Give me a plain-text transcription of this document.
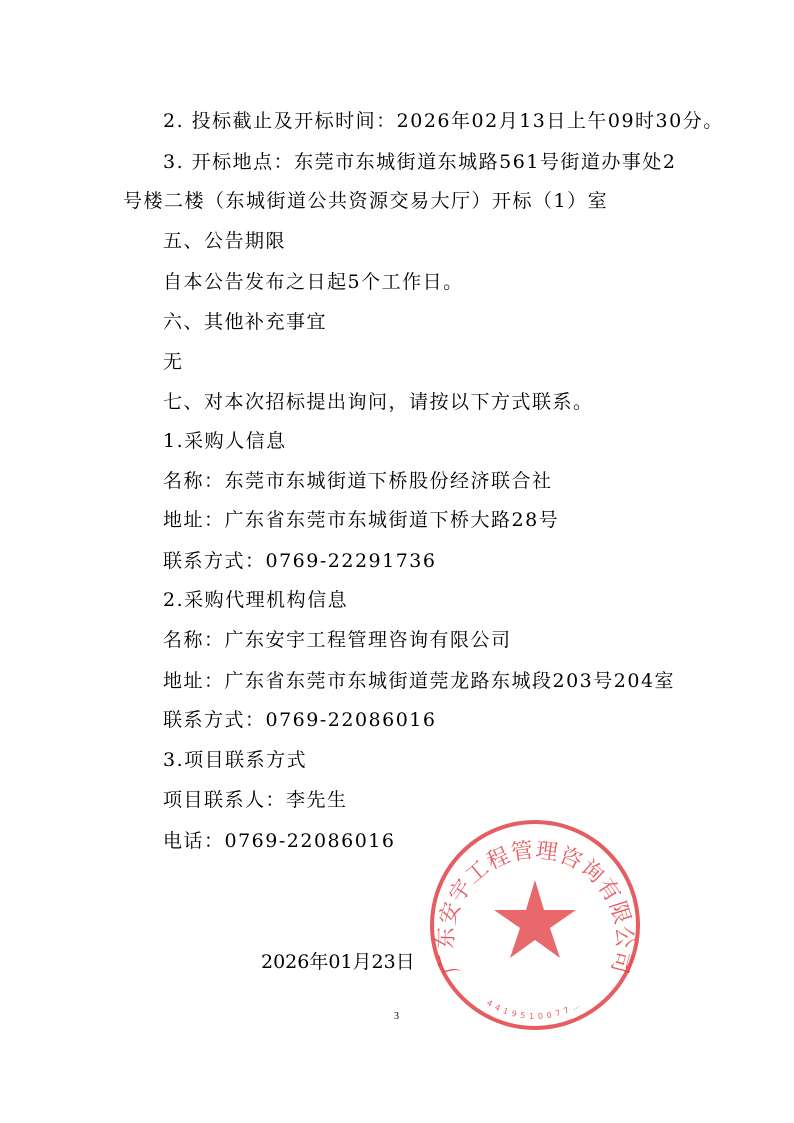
2. 投标截止及开标时间：2026年02月13日上午09时30分。
3. 开标地点：东莞市东城街道东城路561号街道办事处2
号楼二楼（东城街道公共资源交易大厅）开标（1）室
五、公告期限
自本公告发布之日起5个工作日。
六、其他补充事宜
无
七、对本次招标提出询问，请按以下方式联系。
1.采购人信息
名称：东莞市东城街道下桥股份经济联合社
地址：广东省东莞市东城街道下桥大路28号
联系方式：0769-22291736
2.采购代理机构信息
名称：广东安宇工程管理咨询有限公司
地址：广东省东莞市东城街道莞龙路东城段203号204室
联系方式：0769-22086016
3.项目联系方式
项目联系人：李先生
电话：0769-22086016
2026年01月23日 广东安宇工程管理咨询有限公司
4419510077…
3
